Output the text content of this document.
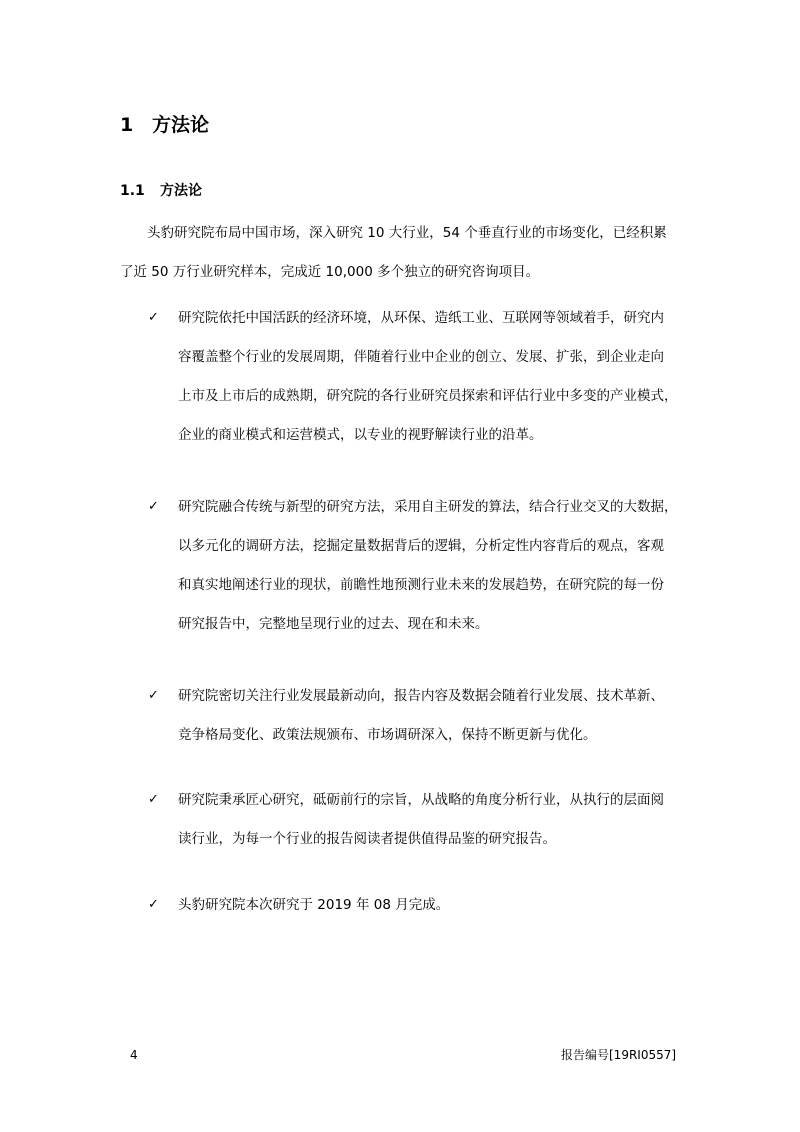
1 方法论
1.1 方法论
头豹研究院布局中国市场，深入研究 10 大行业，54 个垂直行业的市场变化，已经积累
了近 50 万行业研究样本，完成近 10,000 多个独立的研究咨询项目。
✓ 研究院依托中国活跃的经济环境，从环保、造纸工业、互联网等领域着手，研究内
容覆盖整个行业的发展周期，伴随着行业中企业的创立、发展、扩张，到企业走向
上市及上市后的成熟期，研究院的各行业研究员探索和评估行业中多变的产业模式，
企业的商业模式和运营模式，以专业的视野解读行业的沿革。
✓ 研究院融合传统与新型的研究方法，采用自主研发的算法，结合行业交叉的大数据，
以多元化的调研方法，挖掘定量数据背后的逻辑，分析定性内容背后的观点，客观
和真实地阐述行业的现状，前瞻性地预测行业未来的发展趋势，在研究院的每一份
研究报告中，完整地呈现行业的过去、现在和未来。
✓ 研究院密切关注行业发展最新动向，报告内容及数据会随着行业发展、技术革新、
竞争格局变化、政策法规颁布、市场调研深入，保持不断更新与优化。
✓ 研究院秉承匠心研究，砥砺前行的宗旨，从战略的角度分析行业，从执行的层面阅
读行业，为每一个行业的报告阅读者提供值得品鉴的研究报告。
✓ 头豹研究院本次研究于 2019 年 08 月完成。
4	报告编号[19RI0557]
